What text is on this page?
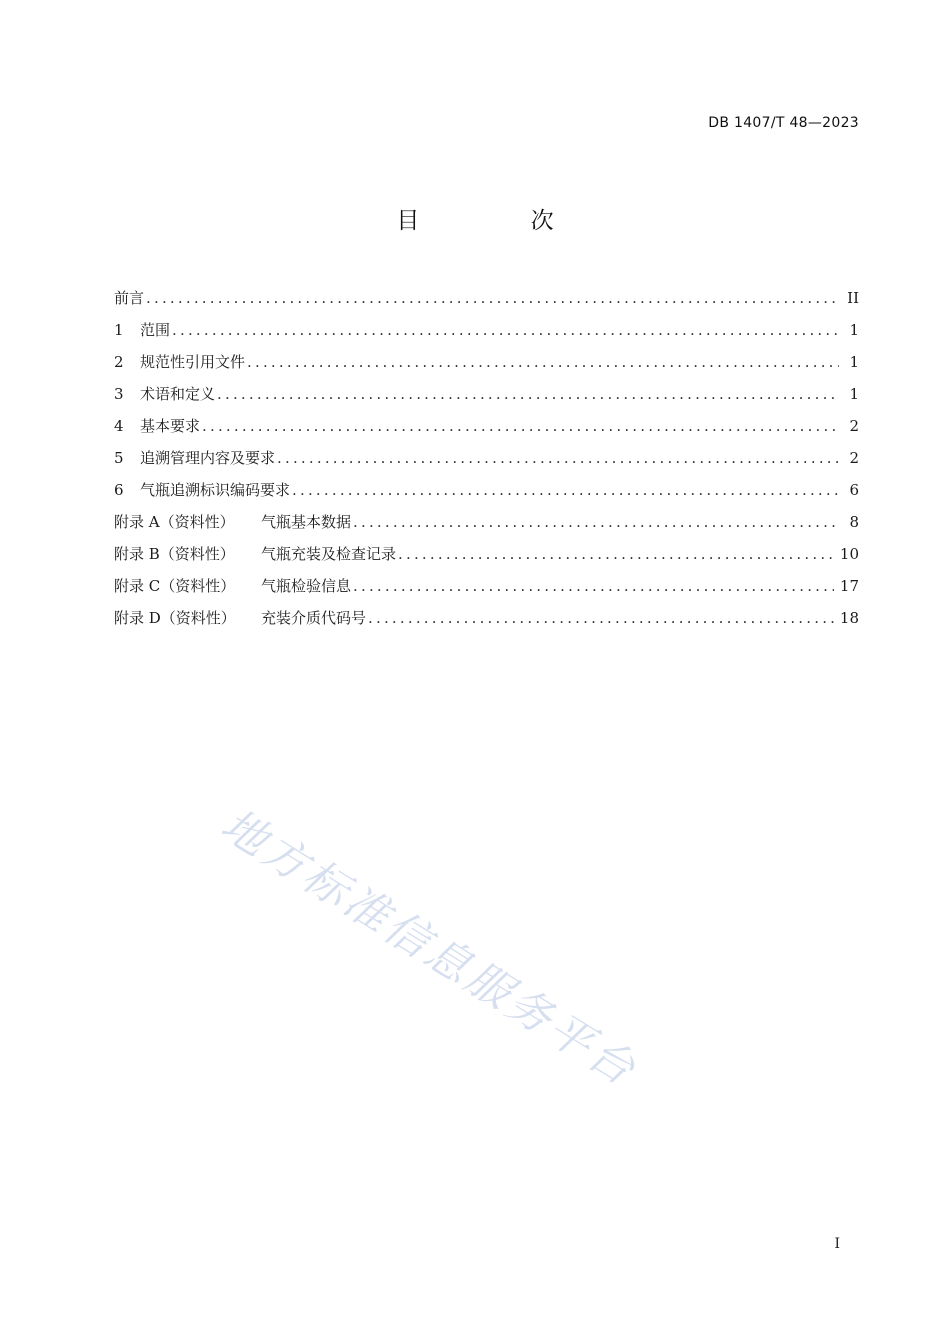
DB 1407/T 48—2023
目 次
前言 .....	II
1	范围 .....	1
2	规范性引用文件 .....	1
3	术语和定义 .....	1
4	基本要求 .....	2
5	追溯管理内容及要求 .....	2
6	气瓶追溯标识编码要求 .....	6
附录 A（资料性）	气瓶基本数据 .....	8
附录 B（资料性）	气瓶充装及检查记录 .....	10
附录 C（资料性）	气瓶检验信息 .....	17
附录 D（资料性）	充装介质代码号 .....	18
地方标准信息服务平台
I
